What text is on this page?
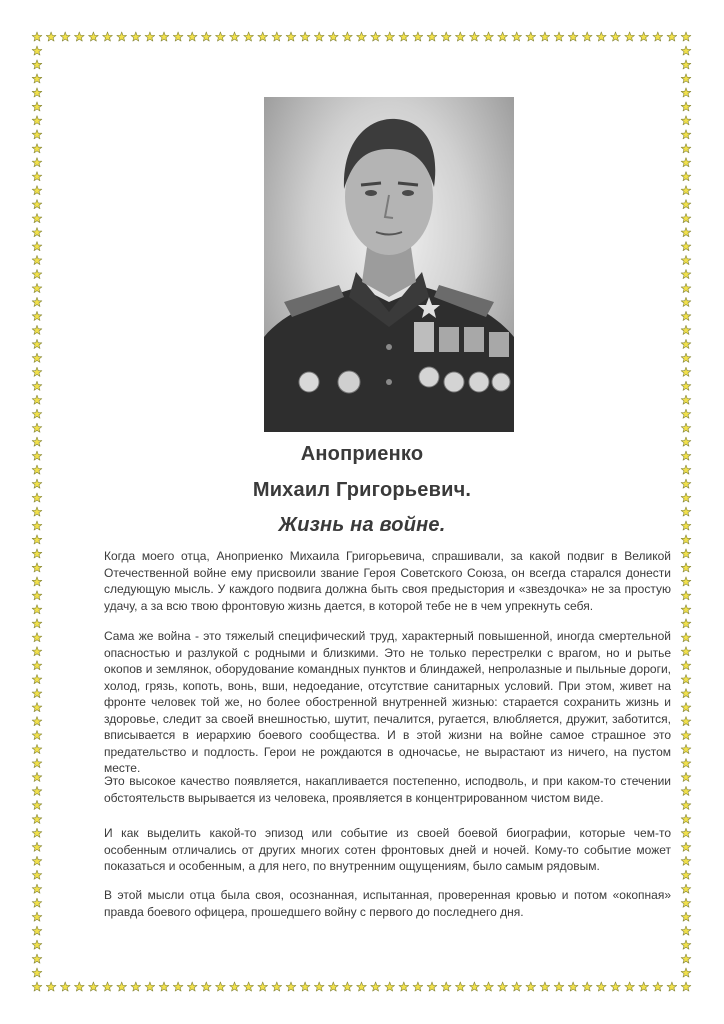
Аноприенко
Михаил Григорьевич.
Жизнь на войне.

Когда моего отца, Аноприенко Михаила Григорьевича, спрашивали, за какой подвиг в Великой Отечественной войне ему присвоили звание Героя Советского Союза, он всегда старался донести следующую мысль. У каждого подвига должна быть своя предыстория и «звездочка» не за простую удачу, а за всю твою фронтовую жизнь дается, в которой тебе не в чем упрекнуть себя.

Сама же война - это тяжелый специфический труд, характерный повышенной, иногда смертельной опасностью и разлукой с родными и близкими. Это не только перестрелки с врагом, но и рытье окопов и землянок, оборудование командных пунктов и блиндажей, непролазные и пыльные дороги, холод, грязь, копоть, вонь, вши, недоедание, отсутствие санитарных условий. При этом, живет на фронте человек той же, но более обостренной внутренней жизнью: старается сохранить жизнь и здоровье, следит за своей внешностью, шутит, печалится, ругается, влюбляется, дружит, заботится, вписывается в иерархию боевого сообщества. И в этой жизни на войне самое страшное это предательство и подлость. Герои не рождаются в одночасье, не вырастают из ничего, на пустом месте.

Это высокое качество появляется, накапливается постепенно, исподволь, и при каком-то стечении обстоятельств вырывается из человека, проявляется в концентрированном чистом виде.

И как выделить какой-то эпизод или событие из своей боевой биографии, которые чем-то особенным отличались от других многих сотен фронтовых дней и ночей. Кому-то событие может показаться и особенным, а для него, по внутренним ощущениям, было самым рядовым.

В этой мысли отца была своя, осознанная, испытанная, проверенная кровью и потом «окопная» правда боевого офицера, прошедшего войну с первого до последнего дня.
